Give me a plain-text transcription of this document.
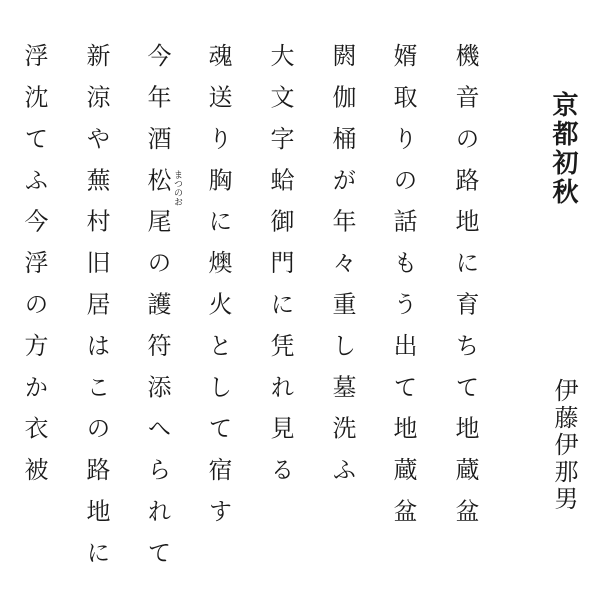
京都初秋
伊藤伊那男
機音の路地に育ちて地蔵盆
婿取りの話もう出て地蔵盆
閼伽桶が年々重し墓洗ふ
大文字蛤御門に凭れ見る
魂送り胸に燠火として宿す
今年酒松尾の護符添へられて
新涼や蕪村旧居はこの路地に
浮沈てふ今浮の方か衣被	まつのお
